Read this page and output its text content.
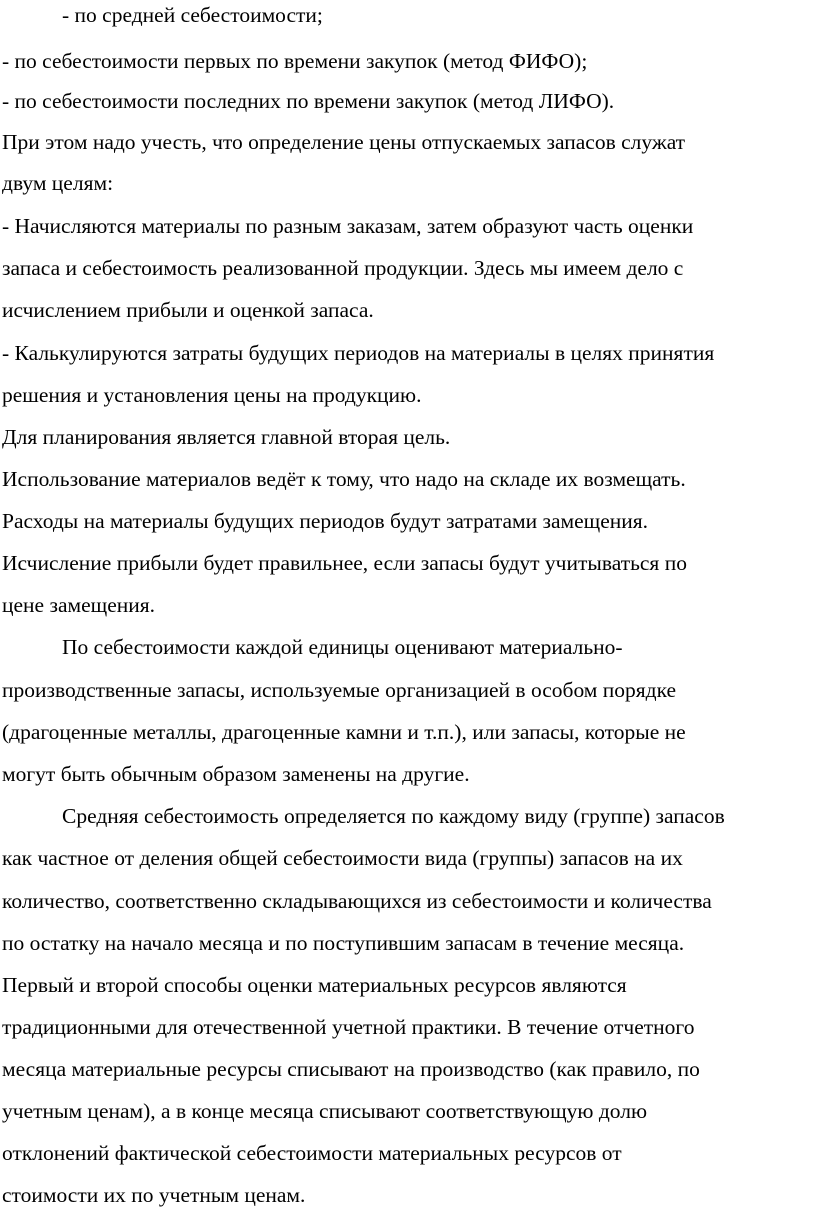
- по средней себестоимости;

- по себестоимости первых по времени закупок (метод ФИФО);

- по себестоимости последних по времени закупок (метод ЛИФО).

При этом надо учесть, что определение цены отпускаемых запасов служат

двум целям:

- Начисляются материалы по разным заказам, затем образуют часть оценки

запаса и себестоимость реализованной продукции. Здесь мы имеем дело с

исчислением прибыли и оценкой запаса.

- Калькулируются затраты будущих периодов на материалы в целях принятия

решения и установления цены на продукцию.

Для планирования является главной вторая цель.

Использование материалов ведёт к тому, что надо на складе их возмещать.

Расходы на материалы будущих периодов будут затратами замещения.

Исчисление прибыли будет правильнее, если запасы будут учитываться по

цене замещения.

По себестоимости каждой единицы оценивают материально-

производственные запасы, используемые организацией в особом порядке

(драгоценные металлы, драгоценные камни и т.п.), или запасы, которые не

могут быть обычным образом заменены на другие.

Средняя себестоимость определяется по каждому виду (группе) запасов

как частное от деления общей себестоимости вида (группы) запасов на их

количество, соответственно складывающихся из себестоимости и количества

по остатку на начало месяца и по поступившим запасам в течение месяца.

Первый и второй способы оценки материальных ресурсов являются

традиционными для отечественной учетной практики. В течение отчетного

месяца материальные ресурсы списывают на производство (как правило, по

учетным ценам), а в конце месяца списывают соответствующую долю

отклонений фактической себестоимости материальных ресурсов от

стоимости их по учетным ценам.
